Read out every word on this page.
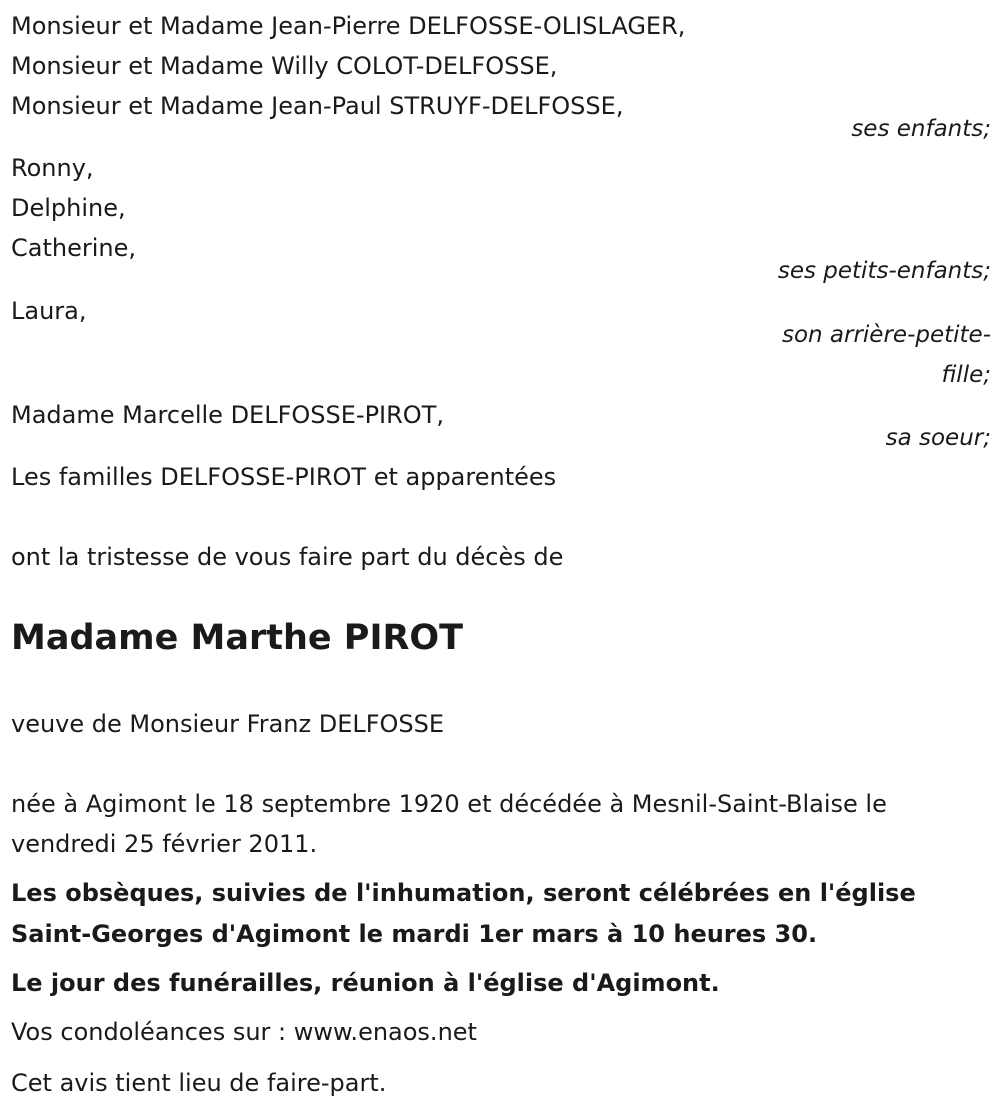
Monsieur et Madame Jean-Pierre DELFOSSE-OLISLAGER,
Monsieur et Madame Willy COLOT-DELFOSSE,
Monsieur et Madame Jean-Paul STRUYF-DELFOSSE,
ses enfants;
Ronny,
Delphine,
Catherine,
ses petits-enfants;
Laura,
son arrière-petite-
fille;
Madame Marcelle DELFOSSE-PIROT,
sa soeur;
Les familles DELFOSSE-PIROT et apparentées
ont la tristesse de vous faire part du décès de
Madame Marthe PIROT
veuve de Monsieur Franz DELFOSSE
née à Agimont le 18 septembre 1920 et décédée à Mesnil-Saint-Blaise le
vendredi 25 février 2011.
Les obsèques, suivies de l'inhumation, seront célébrées en l'église
Saint-Georges d'Agimont le mardi 1er mars à 10 heures 30.
Le jour des funérailles, réunion à l'église d'Agimont.
Vos condoléances sur : www.enaos.net
Cet avis tient lieu de faire-part.
